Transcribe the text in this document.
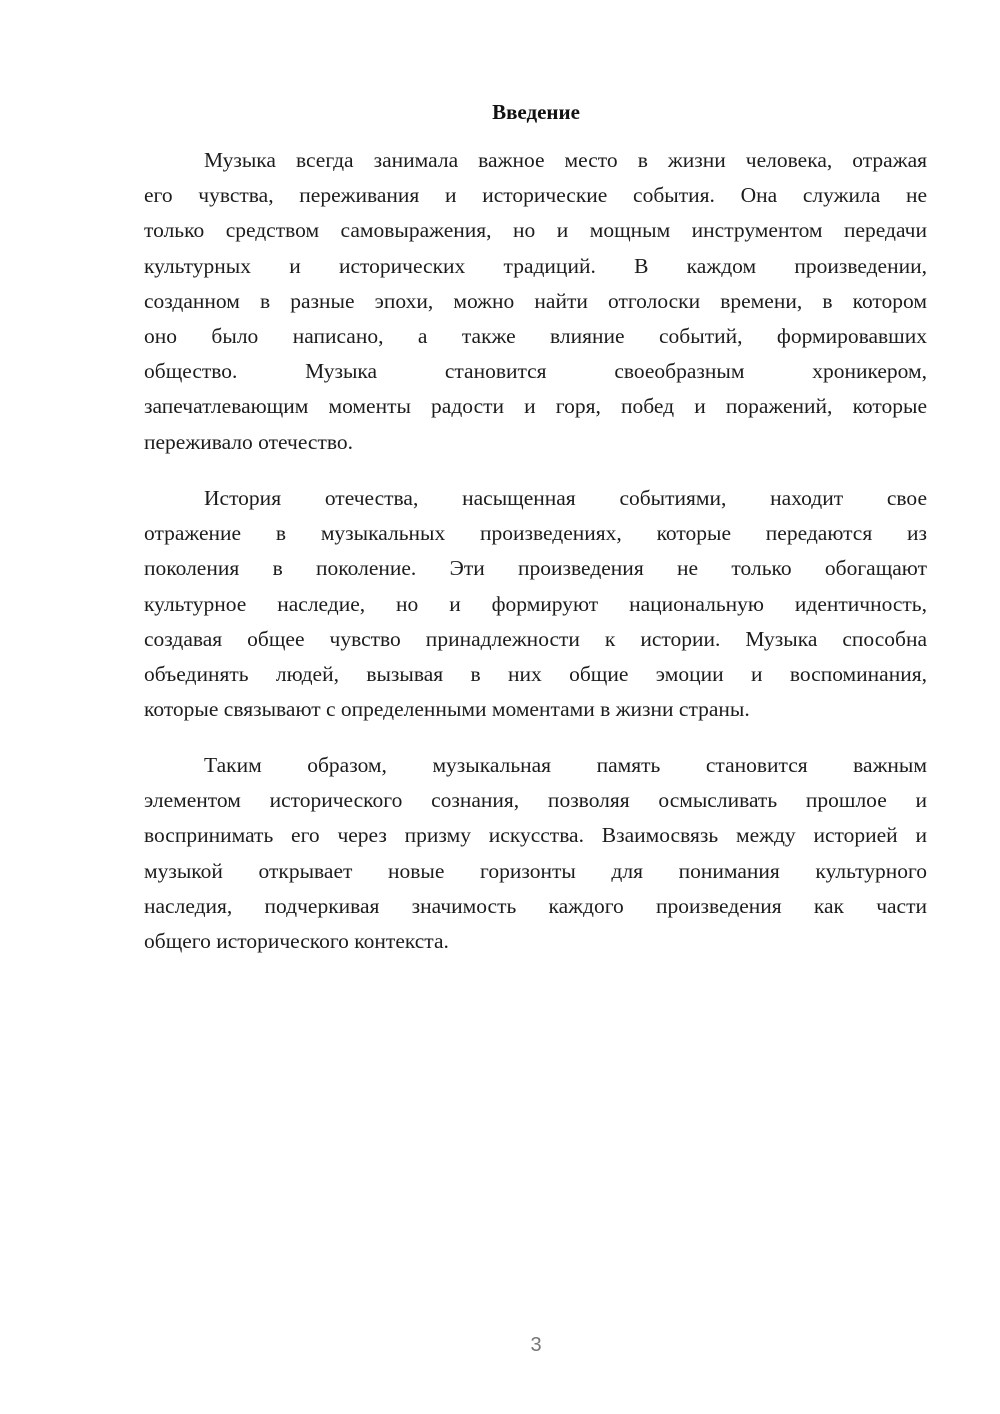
Введение
Музыка всегда занимала важное место в жизни человека, отражая
его чувства, переживания и исторические события. Она служила не
только средством самовыражения, но и мощным инструментом передачи
культурных и исторических традиций. В каждом произведении,
созданном в разные эпохи, можно найти отголоски времени, в котором
оно было написано, а также влияние событий, формировавших
общество. Музыка становится своеобразным хроникером,
запечатлевающим моменты радости и горя, побед и поражений, которые
переживало отечество.
История отечества, насыщенная событиями, находит свое
отражение в музыкальных произведениях, которые передаются из
поколения в поколение. Эти произведения не только обогащают
культурное наследие, но и формируют национальную идентичность,
создавая общее чувство принадлежности к истории. Музыка способна
объединять людей, вызывая в них общие эмоции и воспоминания,
которые связывают с определенными моментами в жизни страны.
Таким образом, музыкальная память становится важным
элементом исторического сознания, позволяя осмысливать прошлое и
воспринимать его через призму искусства. Взаимосвязь между историей и
музыкой открывает новые горизонты для понимания культурного
наследия, подчеркивая значимость каждого произведения как части
общего исторического контекста.
3
